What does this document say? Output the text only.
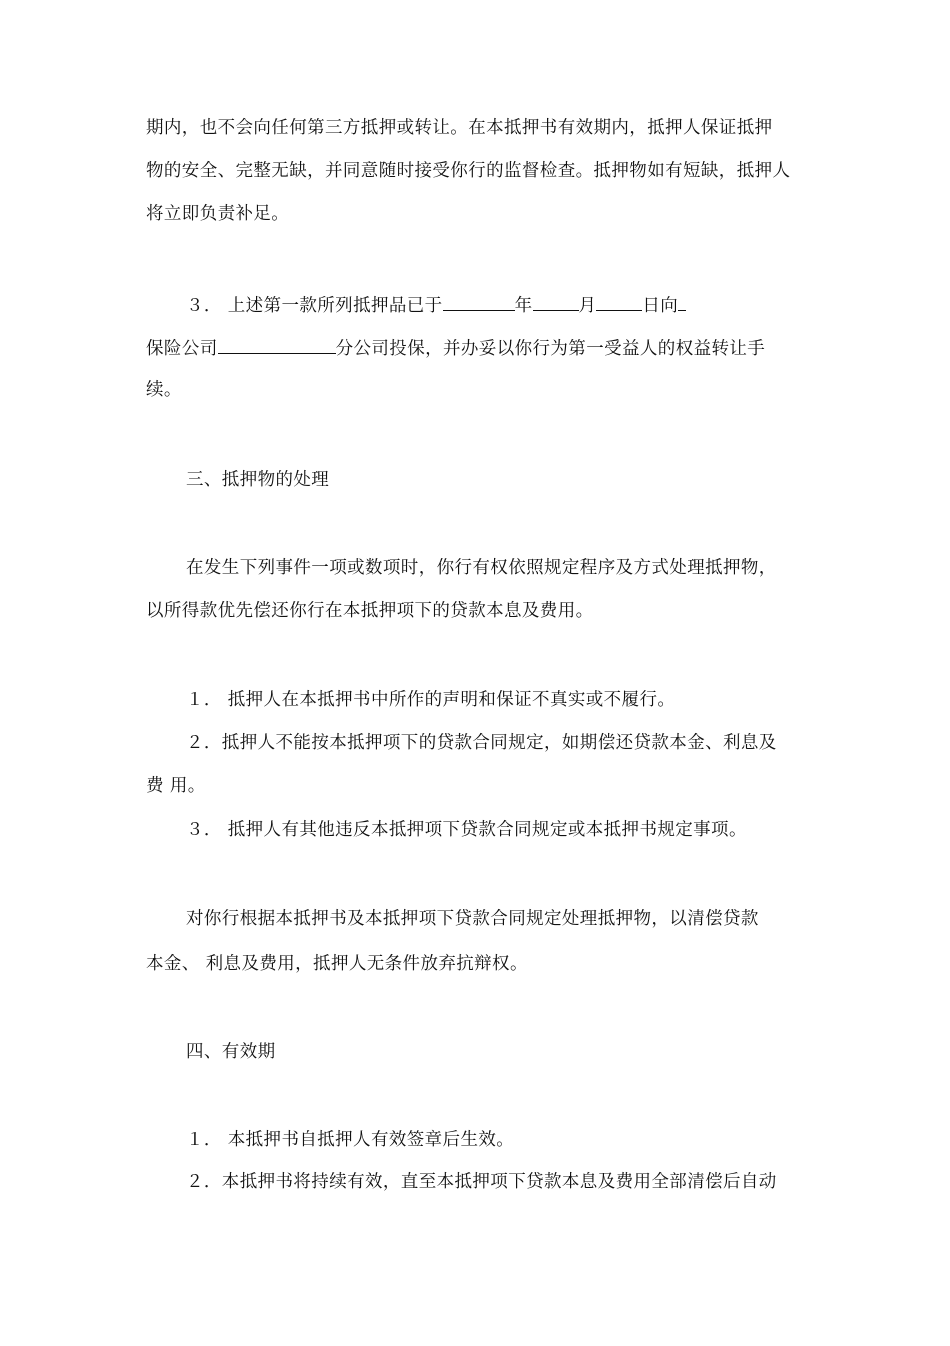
期内，也不会向任何第三方抵押或转让。在本抵押书有效期内，抵押人保证抵押
物的安全、完整无缺，并同意随时接受你行的监督检查。抵押物如有短缺，抵押人
将立即负责补足。
３． 上述第一款所列抵押品已于	年	月	日向
保险公司	分公司投保，并办妥以你行为第一受益人的权益转让手
续。
三、抵押物的处理
在发生下列事件一项或数项时，你行有权依照规定程序及方式处理抵押物，
以所得款优先偿还你行在本抵押项下的贷款本息及费用。
１． 抵押人在本抵押书中所作的声明和保证不真实或不履行。
２．抵押人不能按本抵押项下的贷款合同规定，如期偿还贷款本金、利息及
费 用。
３． 抵押人有其他违反本抵押项下贷款合同规定或本抵押书规定事项。
对你行根据本抵押书及本抵押项下贷款合同规定处理抵押物，以清偿贷款
本金、 利息及费用，抵押人无条件放弃抗辩权。
四、有效期
１． 本抵押书自抵押人有效签章后生效。
２．本抵押书将持续有效，直至本抵押项下贷款本息及费用全部清偿后自动
